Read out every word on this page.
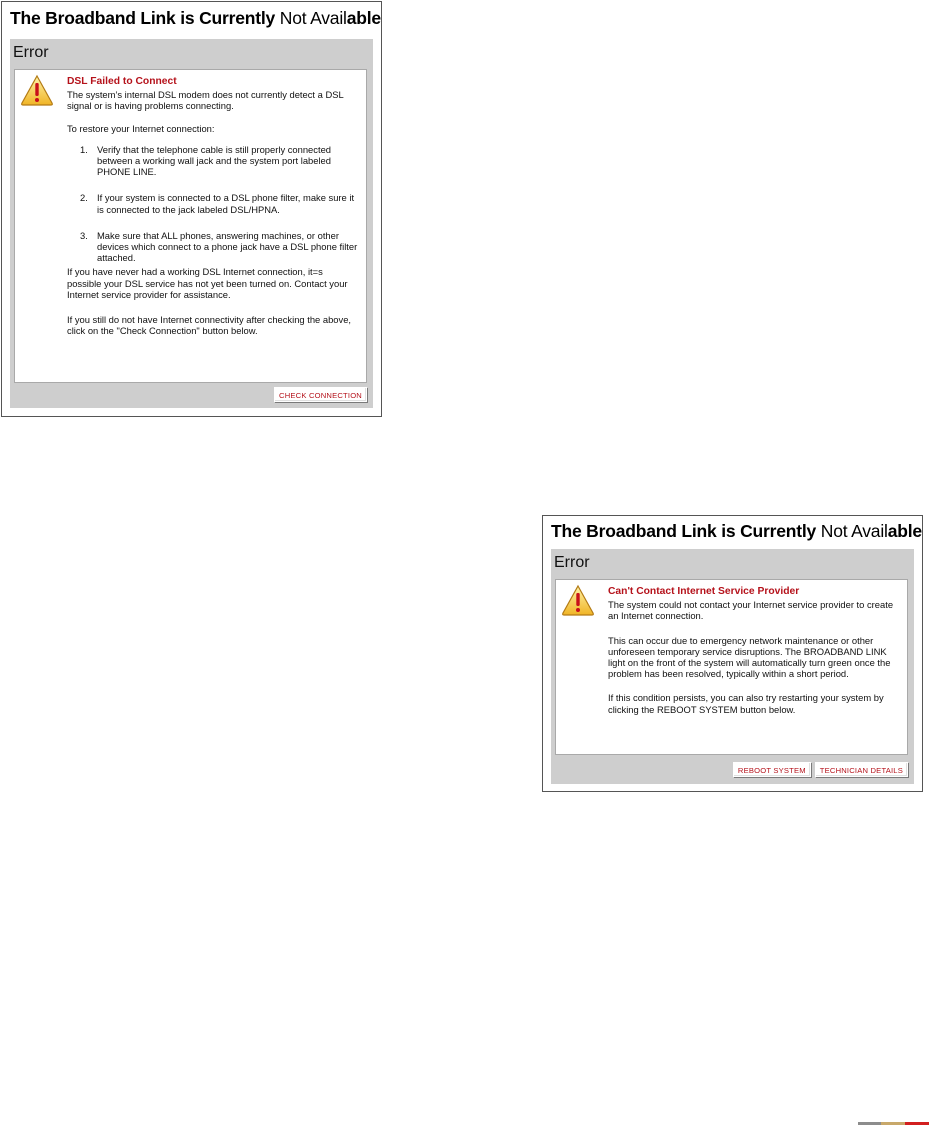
The Broadband Link is Currently Not Available
Error
DSL Failed to Connect

The system’s internal DSL modem does not currently detect a DSL signal or is having problems connecting.

To restore your Internet connection:

1. Verify that the telephone cable is still properly connected between a working wall jack and the system port labeled PHONE LINE.
2. If your system is connected to a DSL phone filter, make sure it is connected to the jack labeled DSL/HPNA.
3. Make sure that ALL phones, answering machines, or other devices which connect to a phone jack have a DSL phone filter attached.

If you have never had a working DSL Internet connection, it=s possible your DSL service has not yet been turned on. Contact your Internet service provider for assistance.

If you still do not have Internet connectivity after checking the above, click on the "Check Connection" button below.

CHECK CONNECTION
The Broadband Link is Currently Not Available
Error
Can't Contact Internet Service Provider

The system could not contact your Internet service provider to create an Internet connection.

This can occur due to emergency network maintenance or other unforeseen temporary service disruptions. The BROADBAND LINK light on the front of the system will automatically turn green once the problem has been resolved, typically within a short period.

If this condition persists, you can also try restarting your system by clicking the REBOOT SYSTEM button below.

REBOOT SYSTEM	TECHNICIAN DETAILS
